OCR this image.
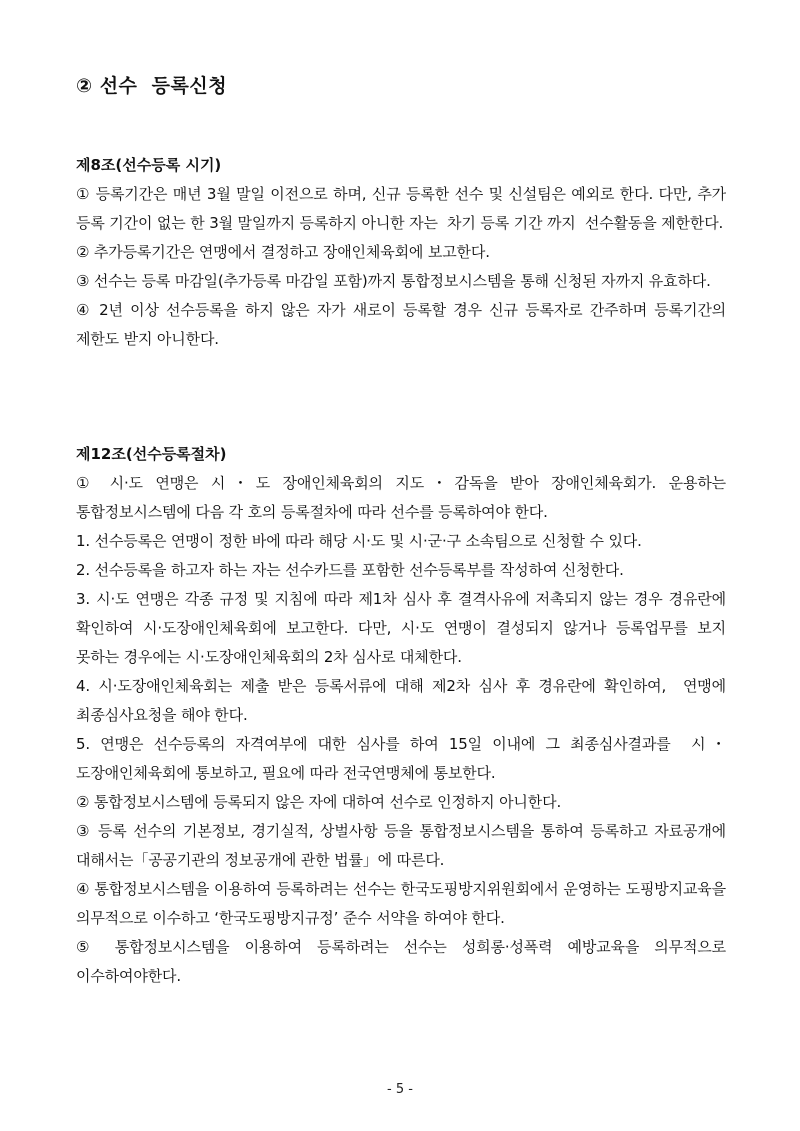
② 선수  등록신청
제8조(선수등록 시기)

① 등록기간은 매년 3월 말일 이전으로 하며, 신규 등록한 선수 및 신설팀은 예외로 한다. 다만, 추가 등록 기간이 없는 한 3월 말일까지 등록하지 아니한 자는  차기 등록 기간 까지  선수활동을 제한한다.

② 추가등록기간은 연맹에서 결정하고 장애인체육회에 보고한다.

③ 선수는 등록 마감일(추가등록 마감일 포함)까지 통합정보시스템을 통해 신청된 자까지 유효하다.

④ 2년 이상 선수등록을 하지 않은 자가 새로이 등록할 경우 신규 등록자로 간주하며 등록기간의 제한도 받지 아니한다.

제12조(선수등록절차)

① 시·도 연맹은 시・도 장애인체육회의 지도・감독을 받아 장애인체육회가. 운용하는 통합정보시스템에 다음 각 호의 등록절차에 따라 선수를 등록하여야 한다.

1. 선수등록은 연맹이 정한 바에 따라 해당 시·도 및 시·군·구 소속팀으로 신청할 수 있다.

2. 선수등록을 하고자 하는 자는 선수카드를 포함한 선수등록부를 작성하여 신청한다.

3. 시·도 연맹은 각종 규정 및 지침에 따라 제1차 심사 후 결격사유에 저촉되지 않는 경우 경유란에 확인하여 시·도장애인체육회에 보고한다. 다만, 시·도 연맹이 결성되지 않거나 등록업무를 보지 못하는 경우에는 시·도장애인체육회의 2차 심사로 대체한다.

4. 시·도장애인체육회는 제출 받은 등록서류에 대해 제2차 심사 후 경유란에 확인하여,  연맹에 최종심사요청을 해야 한다.

5. 연맹은 선수등록의 자격여부에 대한 심사를 하여 15일 이내에 그 최종심사결과를  시・도장애인체육회에 통보하고, 필요에 따라 전국연맹체에 통보한다.

② 통합정보시스템에 등록되지 않은 자에 대하여 선수로 인정하지 아니한다.

③ 등록 선수의 기본정보, 경기실적, 상벌사항 등을 통합정보시스템을 통하여 등록하고 자료공개에 대해서는「공공기관의 정보공개에 관한 법률」에 따른다.

④ 통합정보시스템을 이용하여 등록하려는 선수는 한국도핑방지위원회에서 운영하는 도핑방지교육을 의무적으로 이수하고 ‘한국도핑방지규정’ 준수 서약을 하여야 한다.

⑤ 통합정보시스템을 이용하여 등록하려는 선수는 성희롱·성폭력 예방교육을 의무적으로 이수하여야한다.

- 5 -
